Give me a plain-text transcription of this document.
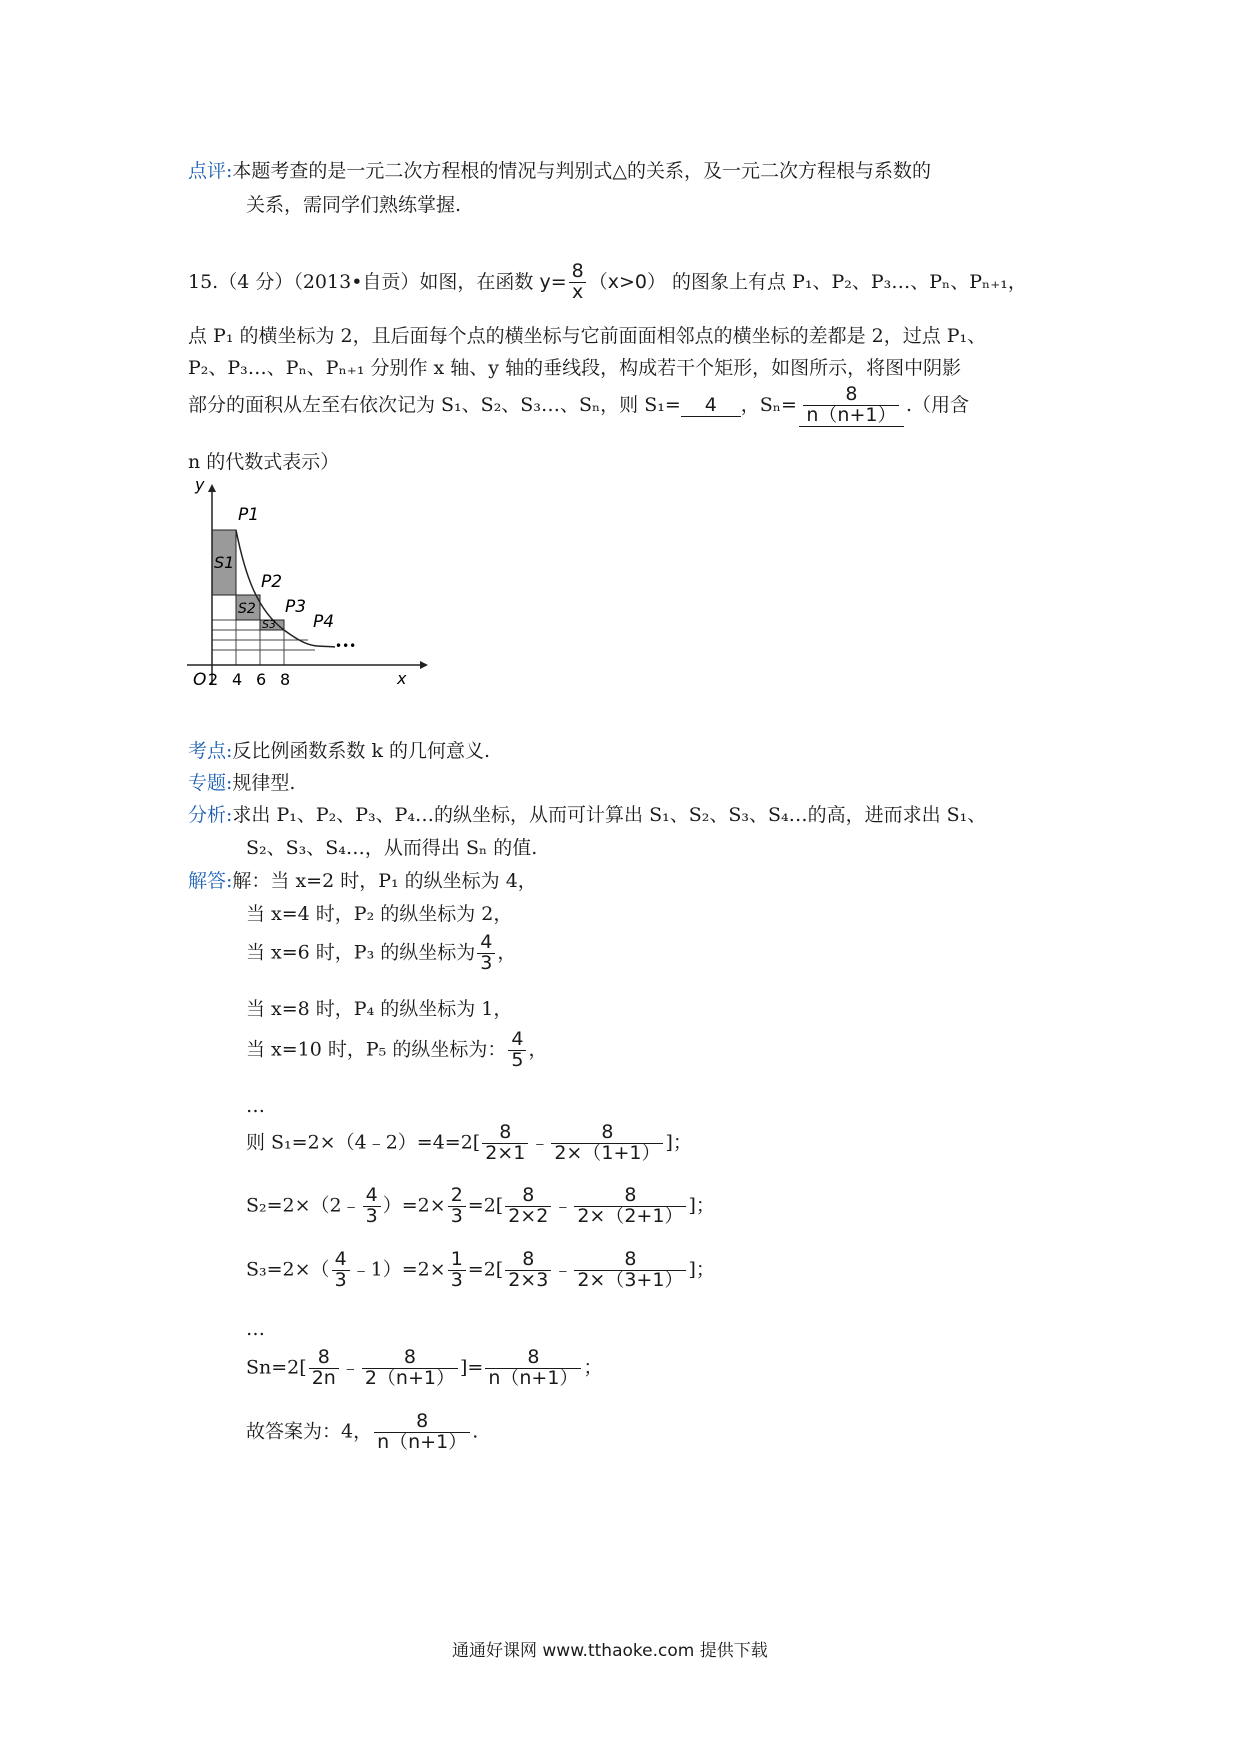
点评:本题考查的是一元二次方程根的情况与判别式△的关系，及一元二次方程根与系数的
关系，需同学们熟练掌握.
15.（4 分）（2013•自贡）如图，在函数 $y= \frac{8}{x} (x>0)$ 的图象上有点 P₁、P₂、P₃…、Pₙ、Pₙ₊₁，
点 P₁ 的横坐标为 2，且后面每个点的横坐标与它前面面相邻点的横坐标的差都是 2，过点 P₁、
P₂、P₃…、Pₙ、Pₙ₊₁ 分别作 x 轴、y 轴的垂线段，构成若干个矩形，如图所示，将图中阴影
部分的面积从左至右依次记为 S₁、S₂、S₃…、Sₙ，则 S₁= 4 ，$S_n= \frac{8}{n(n+1)}$ .（用含
n 的代数式表示）
y
x
O 2 4 6 8
P1
P2
P3
P4
S1
S2
S3
•••
考点:反比例函数系数 k 的几何意义.
专题:规律型.
分析:求出 P₁、P₂、P₃、P₄…的纵坐标，从而可计算出 S₁、S₂、S₃、S₄…的高，进而求出 S₁、
S₂、S₃、S₄…，从而得出 Sₙ 的值.
解答:解：当 x=2 时，P₁ 的纵坐标为 4，
当 x=4 时，P₂ 的纵坐标为 2，
当 x=6 时，P₃ 的纵坐标为 $\frac{4}{3}$ ，
当 x=8 时，P₄ 的纵坐标为 1，
当 x=10 时，P₅ 的纵坐标为： $\frac{4}{5}$ ，
…
则 S₁=2×（4﹣2）=4=2[ $\frac{8}{2\times 1}$ ﹣ $\frac{8}{2\times(1+1)}$ ]；
S₂=2×（2﹣ $\frac{4}{3} )=2\times \frac{2}{3} =2[ \frac{8}{2\times 2}$ ﹣ $\frac{8}{2\times(2+1)}$ ]；
$S_3=2\times( \frac{4}{3}$ ﹣1）=2× $\frac{1}{3} =2[ \frac{8}{2\times 3}$ ﹣ $\frac{8}{2\times(3+1)}$ ]；
…
$Sn=2[ \frac{8}{2n}$ ﹣ $\frac{8}{2(n+1)}$ ]= $\frac{8}{n(n+1)}$ ；
故答案为：4， $\frac{8}{n(n+1)}$ .
通通好课网 www.tthaoke.com 提供下载
